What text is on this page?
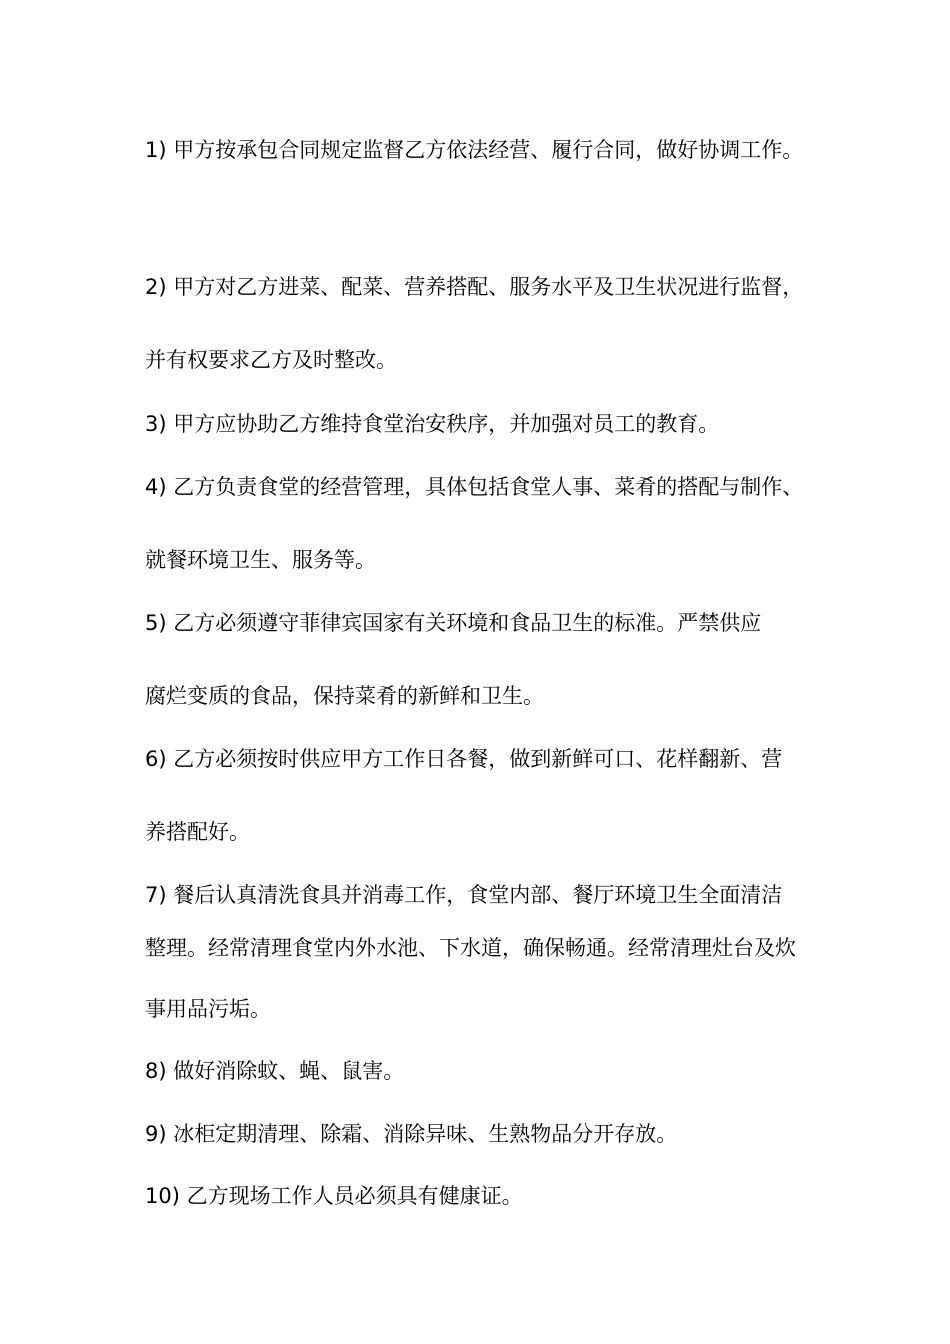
1) 甲方按承包合同规定监督乙方依法经营、履行合同，做好协调工作。
2) 甲方对乙方进菜、配菜、营养搭配、服务水平及卫生状况进行监督，
并有权要求乙方及时整改。
3) 甲方应协助乙方维持食堂治安秩序，并加强对员工的教育。
4) 乙方负责食堂的经营管理，具体包括食堂人事、菜肴的搭配与制作、
就餐环境卫生、服务等。
5) 乙方必须遵守菲律宾国家有关环境和食品卫生的标准。严禁供应
腐烂变质的食品，保持菜肴的新鲜和卫生。
6) 乙方必须按时供应甲方工作日各餐，做到新鲜可口、花样翻新、营
养搭配好。
7) 餐后认真清洗食具并消毒工作，食堂内部、餐厅环境卫生全面清洁
整理。经常清理食堂内外水池、下水道，确保畅通。经常清理灶台及炊
事用品污垢。
8) 做好消除蚊、蝇、鼠害。
9) 冰柜定期清理、除霜、消除异味、生熟物品分开存放。
10) 乙方现场工作人员必须具有健康证。
